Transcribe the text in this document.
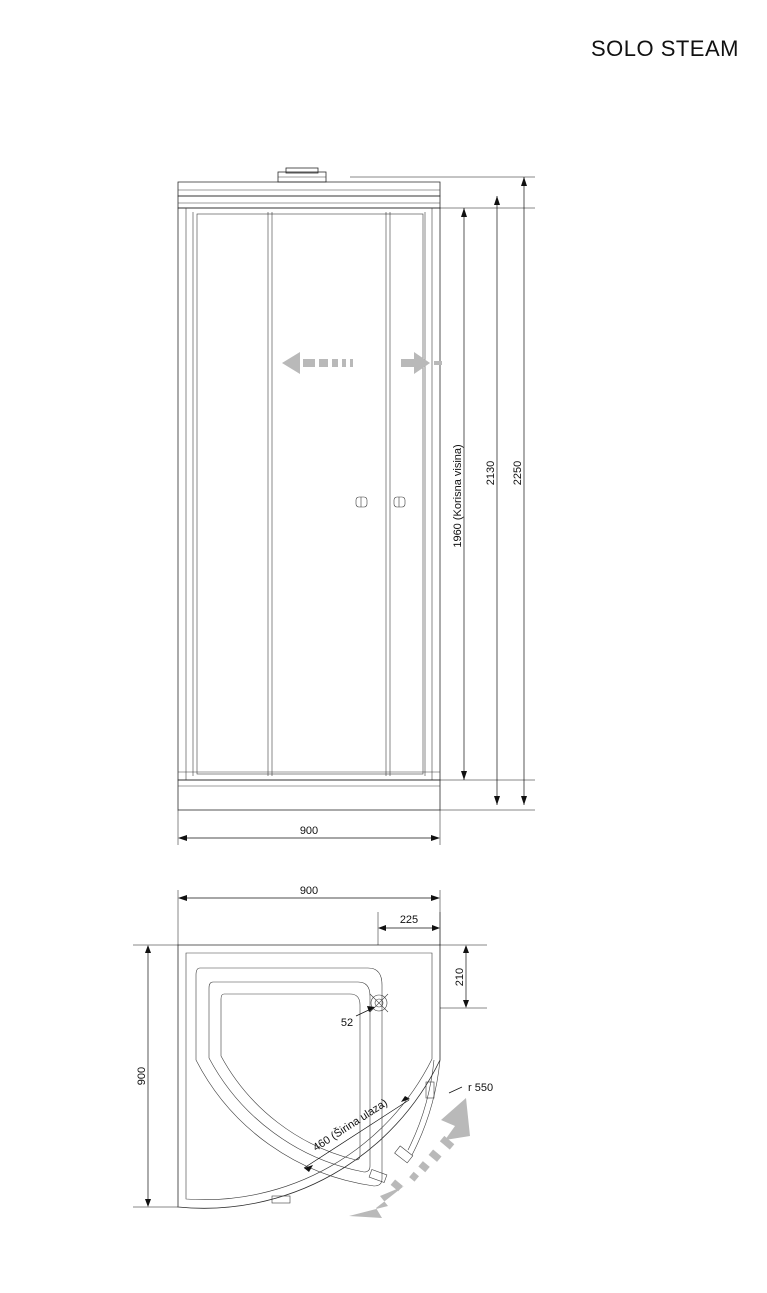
SOLO STEAM
1960 (Korisna visina) 2130 2250
900
52
r 550
460 (Širina ulaza)
900
225
210
900
